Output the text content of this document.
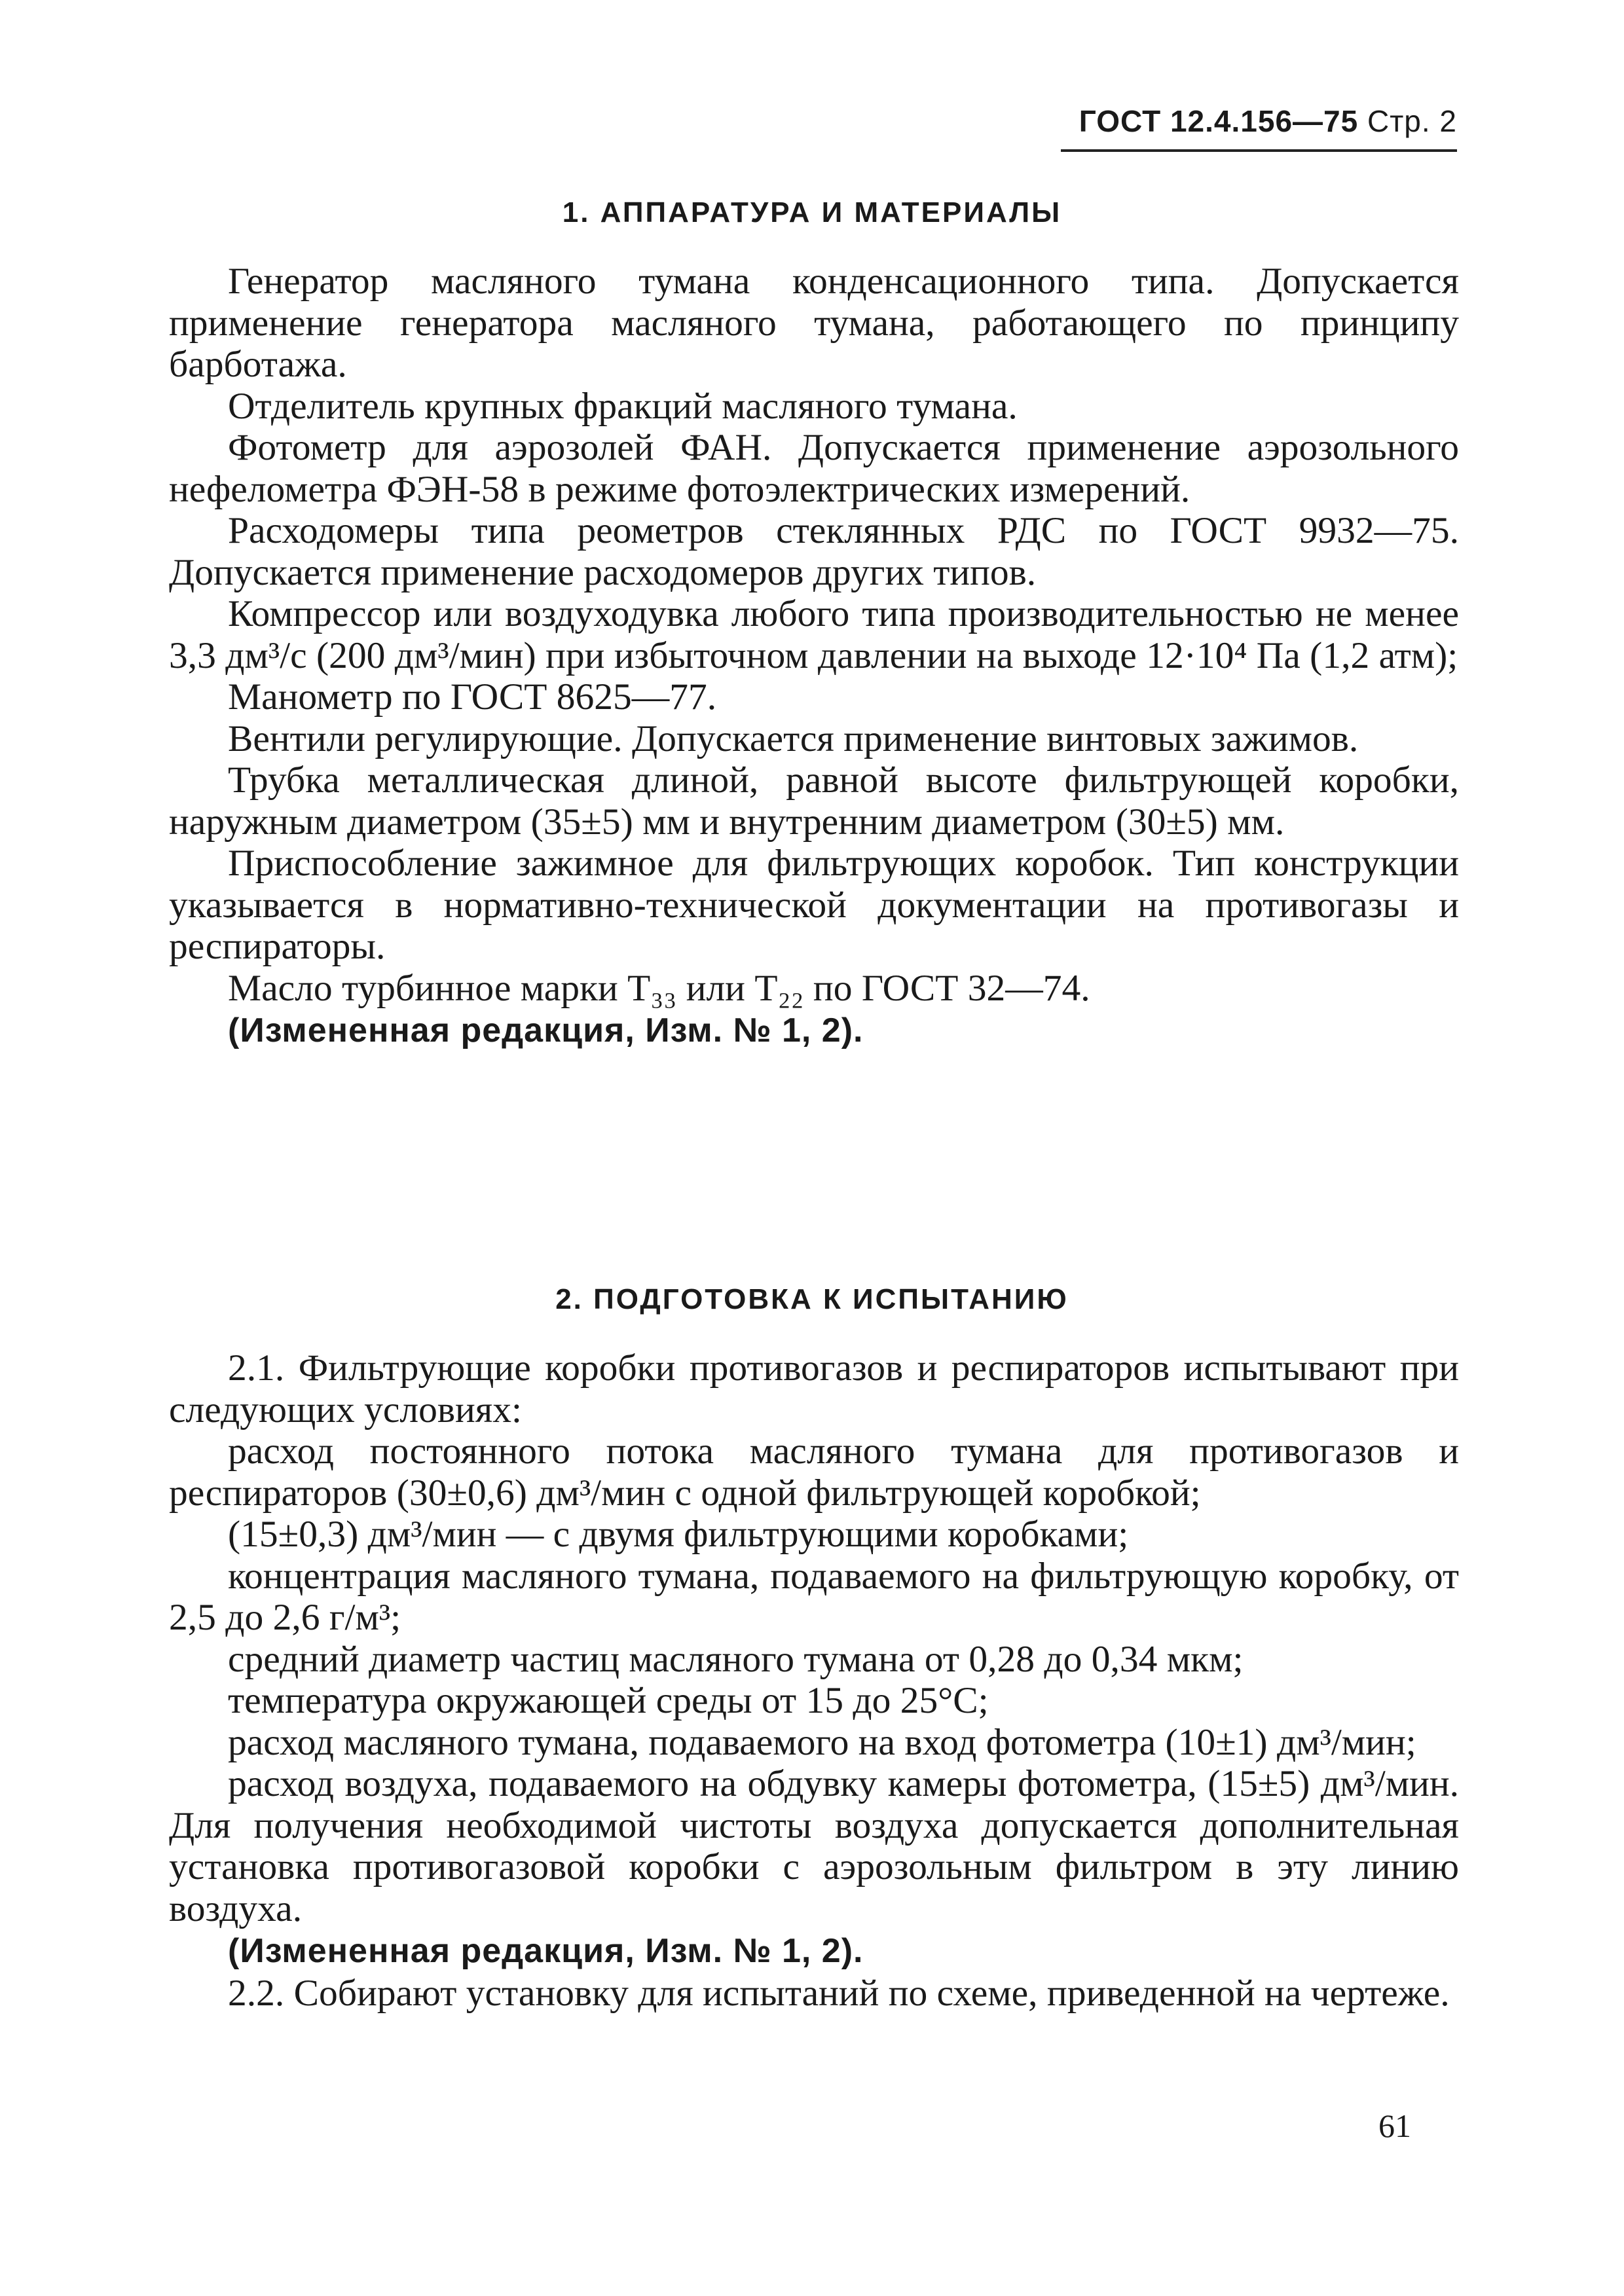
ГОСТ 12.4.156—75 Стр. 2
1. АППАРАТУРА И МАТЕРИАЛЫ

Генератор масляного тумана конденсационного типа. Допускается применение генератора масляного тумана, работающего по принципу барботажа.

Отделитель крупных фракций масляного тумана.

Фотометр для аэрозолей ФАН. Допускается применение аэрозольного нефелометра ФЭН-58 в режиме фотоэлектрических измерений.

Расходомеры типа реометров стеклянных РДС по ГОСТ 9932—75. Допускается применение расходомеров других типов.

Компрессор или воздуходувка любого типа производительностью не менее 3,3 дм³/с (200 дм³/мин) при избыточном давлении на выходе 12·10⁴ Па (1,2 атм);

Манометр по ГОСТ 8625—77.

Вентили регулирующие. Допускается применение винтовых зажимов.

Трубка металлическая длиной, равной высоте фильтрующей коробки, наружным диаметром (35±5) мм и внутренним диаметром (30±5) мм.

Приспособление зажимное для фильтрующих коробок. Тип конструкции указывается в нормативно-технической документации на противогазы и респираторы.

Масло турбинное марки Т₃₃ или Т₂₂ по ГОСТ 32—74.

(Измененная редакция, Изм. № 1, 2).

2. ПОДГОТОВКА К ИСПЫТАНИЮ

2.1. Фильтрующие коробки противогазов и респираторов испытывают при следующих условиях:

расход постоянного потока масляного тумана для противогазов и респираторов (30±0,6) дм³/мин с одной фильтрующей коробкой;

(15±0,3) дм³/мин — с двумя фильтрующими коробками;

концентрация масляного тумана, подаваемого на фильтрующую коробку, от 2,5 до 2,6 г/м³;

средний диаметр частиц масляного тумана от 0,28 до 0,34 мкм;

температура окружающей среды от 15 до 25°С;

расход масляного тумана, подаваемого на вход фотометра (10±1) дм³/мин;

расход воздуха, подаваемого на обдувку камеры фотометра, (15±5) дм³/мин. Для получения необходимой чистоты воздуха допускается дополнительная установка противогазовой коробки с аэрозольным фильтром в эту линию воздуха.

(Измененная редакция, Изм. № 1, 2).

2.2. Собирают установку для испытаний по схеме, приведенной на чертеже.

61
